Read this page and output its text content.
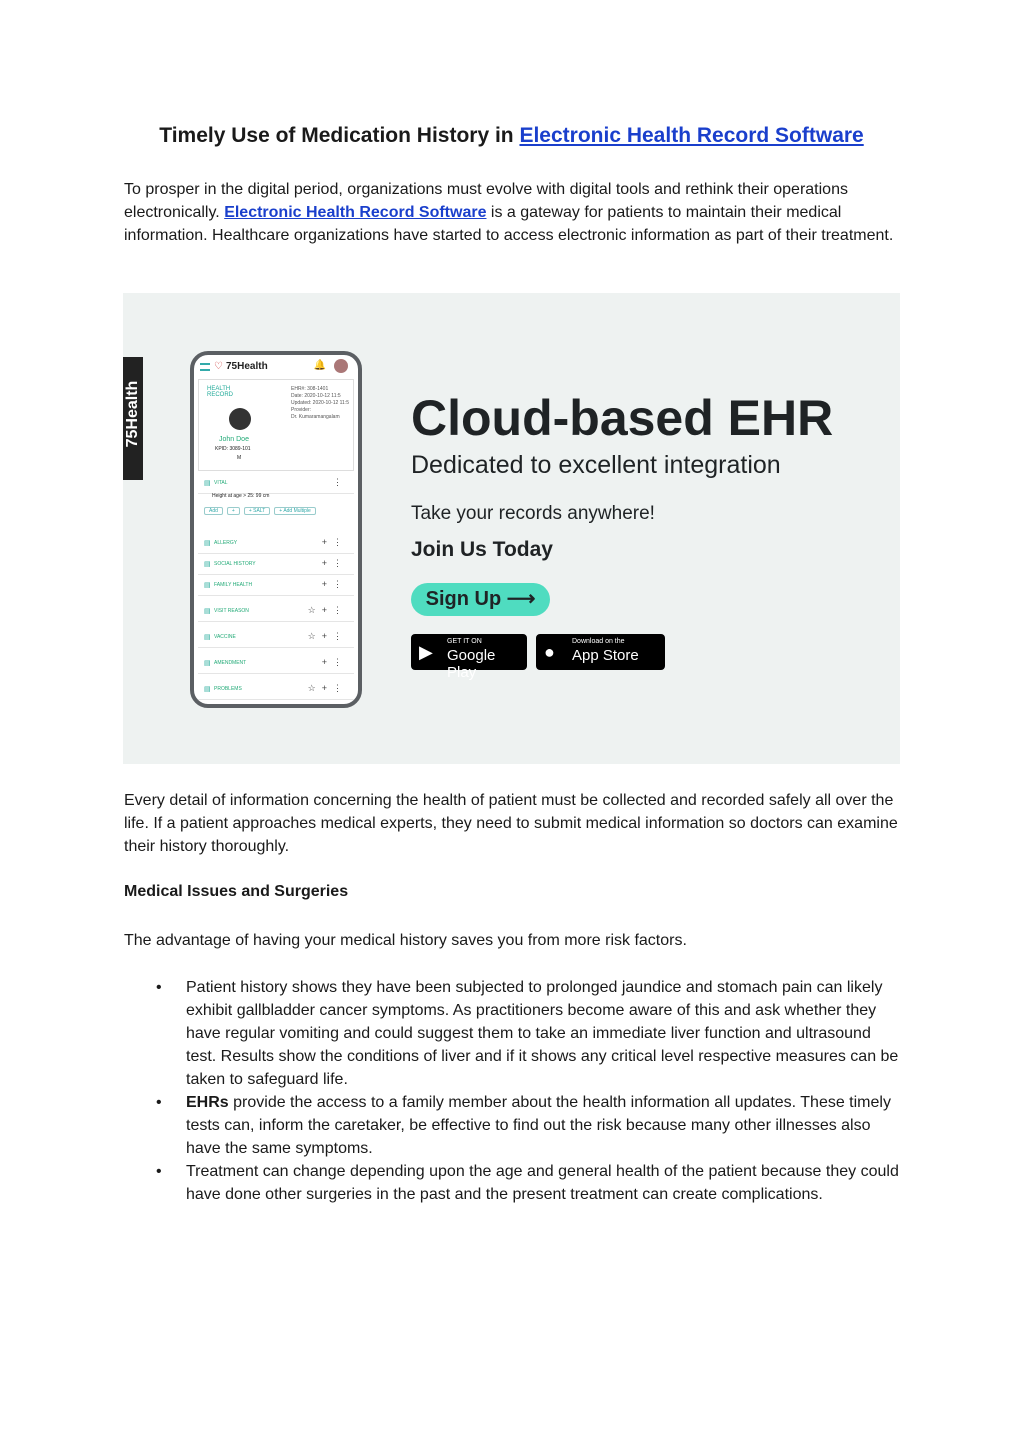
Timely Use of Medication History in Electronic Health Record Software

To prosper in the digital period, organizations must evolve with digital tools and rethink their operations electronically. Electronic Health Record Software is a gateway for patients to maintain their medical information. Healthcare organizations have started to access electronic information as part of their treatment.

75Health
♡ 75Health	🔔
HEALTH RECORD
John Doe
KPID: 3089-101
M
EHR#: 308-1401
Date: 2020-10-12 11:5
Updated: 2020-10-12 11:5
Provider:
Dr. Kumaramangalam
▤ VITAL	⋮
Height at age > 25: 99 cm
Add	+	+ SALT	+ Add Multiple
▤ ALLERGY	+⋮
▤ SOCIAL HISTORY	+⋮
▤ FAMILY HEALTH	+⋮
▤ VISIT REASON	☆+⋮
▤ VACCINE	☆+⋮
▤ AMENDMENT	+⋮
▤ PROBLEMS	☆+⋮
Cloud-based EHR

Dedicated to excellent integration

Take your records anywhere!

Join Us Today

Sign Up ⟶
▶
GET IT ON
Google Play
●
Download on the
App Store

Every detail of information concerning the health of patient must be collected and recorded safely all over the life. If a patient approaches medical experts, they need to submit medical information so doctors can examine their history thoroughly.

Medical Issues and Surgeries

The advantage of having your medical history saves you from more risk factors.

• Patient history shows they have been subjected to prolonged jaundice and stomach pain can likely exhibit gallbladder cancer symptoms. As practitioners become aware of this and ask whether they have regular vomiting and could suggest them to take an immediate liver function and ultrasound test. Results show the conditions of liver and if it shows any critical level respective measures can be taken to safeguard life.
• EHRs provide the access to a family member about the health information all updates. These timely tests can, inform the caretaker, be effective to find out the risk because many other illnesses also have the same symptoms.
• Treatment can change depending upon the age and general health of the patient because they could have done other surgeries in the past and the present treatment can create complications.
